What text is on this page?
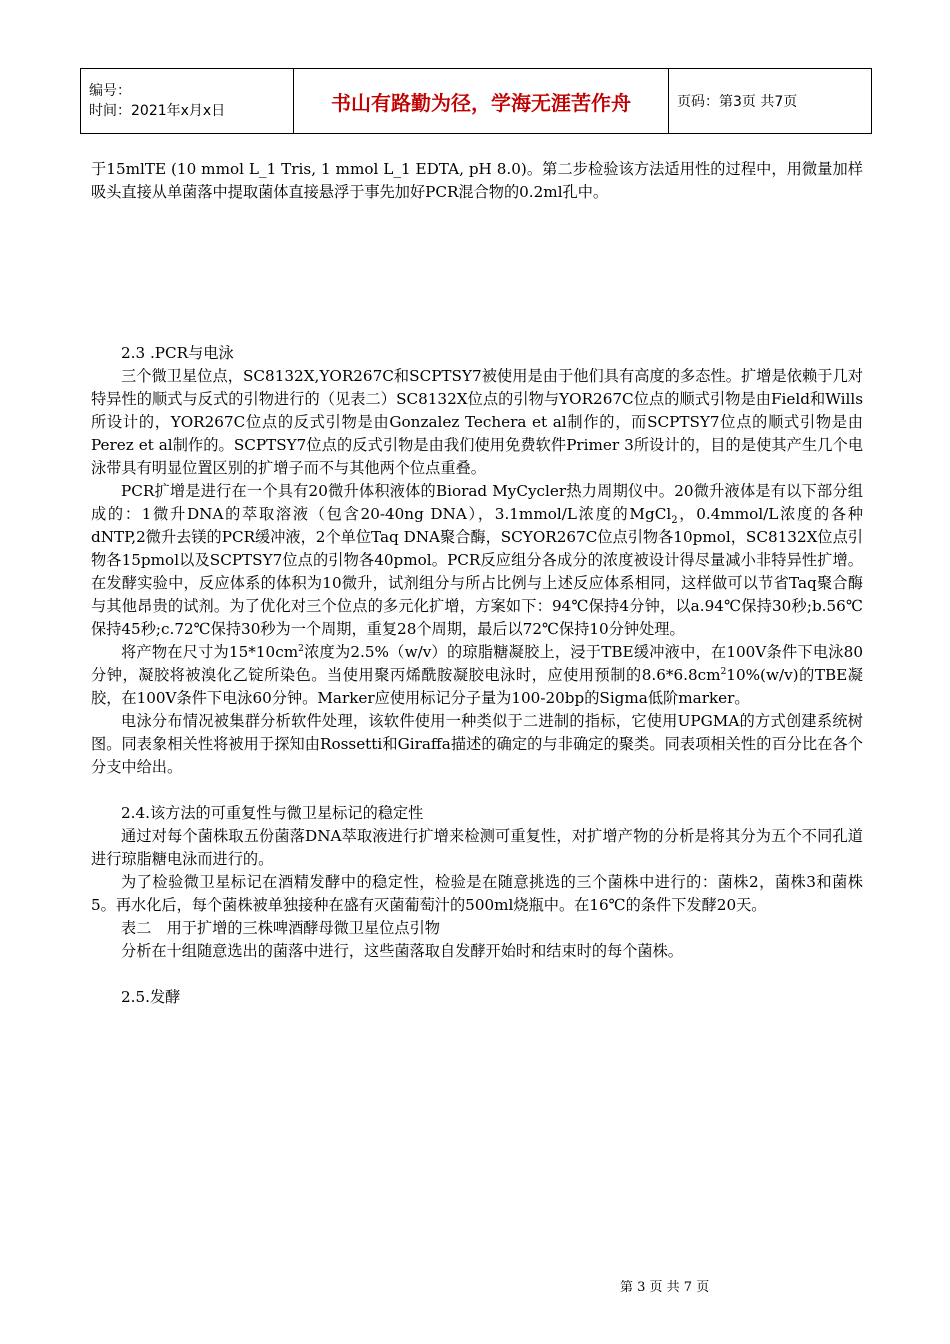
编号：
时间：2021年x月x日	书山有路勤为径，学海无涯苦作舟	页码：第3页 共7页

于15mlTE (10 mmol L_1 Tris, 1 mmol L_1 EDTA, pH 8.0)。第二步检验该方法适用性的过程中，用微量加样吸头直接从单菌落中提取菌体直接悬浮于事先加好PCR混合物的0.2ml孔中。

2.3 .PCR与电泳

三个微卫星位点，SC8132X,YOR267C和SCPTSY7被使用是由于他们具有高度的多态性。扩增是依赖于几对特异性的顺式与反式的引物进行的（见表二）SC8132X位点的引物与YOR267C位点的顺式引物是由Field和Wills所设计的，YOR267C位点的反式引物是由Gonzalez Techera et al制作的，而SCPTSY7位点的顺式引物是由Perez et al制作的。SCPTSY7位点的反式引物是由我们使用免费软件Primer 3所设计的，目的是使其产生几个电泳带具有明显位置区别的扩增子而不与其他两个位点重叠。

PCR扩增是进行在一个具有20微升体积液体的Biorad MyCycler热力周期仪中。20微升液体是有以下部分组成的：1微升DNA的萃取溶液（包含20-40ng DNA），3.1mmol/L浓度的MgCl$_2$，0.4mmol/L浓度的各种dNTP,2微升去镁的PCR缓冲液，2个单位Taq DNA聚合酶，SCYOR267C位点引物各10pmol，SC8132X位点引物各15pmol以及SCPTSY7位点的引物各40pmol。PCR反应组分各成分的浓度被设计得尽量减小非特异性扩增。在发酵实验中，反应体系的体积为10微升，试剂组分与所占比例与上述反应体系相同，这样做可以节省Taq聚合酶与其他昂贵的试剂。为了优化对三个位点的多元化扩增，方案如下：94℃保持4分钟，以a.94℃保持30秒;b.56℃保持45秒;c.72℃保持30秒为一个周期，重复28个周期，最后以72℃保持10分钟处理。

将产物在尺寸为$15*10cm^2$浓度为2.5%（w/v）的琼脂糖凝胶上，浸于TBE缓冲液中，在100V条件下电泳80分钟，凝胶将被溴化乙锭所染色。当使用聚丙烯酰胺凝胶电泳时，应使用预制的$8.6*6.8cm^210\%(w/v)$的TBE凝胶，在100V条件下电泳60分钟。Marker应使用标记分子量为100-20bp的Sigma低阶marker。

电泳分布情况被集群分析软件处理，该软件使用一种类似于二进制的指标，它使用UPGMA的方式创建系统树图。同表象相关性将被用于探知由Rossetti和Giraffa描述的确定的与非确定的聚类。同表项相关性的百分比在各个分支中给出。

2.4.该方法的可重复性与微卫星标记的稳定性

通过对每个菌株取五份菌落DNA萃取液进行扩增来检测可重复性，对扩增产物的分析是将其分为五个不同孔道进行琼脂糖电泳而进行的。

为了检验微卫星标记在酒精发酵中的稳定性，检验是在随意挑选的三个菌株中进行的：菌株2，菌株3和菌株5。再水化后，每个菌株被单独接种在盛有灭菌葡萄汁的500ml烧瓶中。在16℃的条件下发酵20天。

表二　用于扩增的三株啤酒酵母微卫星位点引物

分析在十组随意选出的菌落中进行，这些菌落取自发酵开始时和结束时的每个菌株。

2.5.发酵

第 3 页 共 7 页
